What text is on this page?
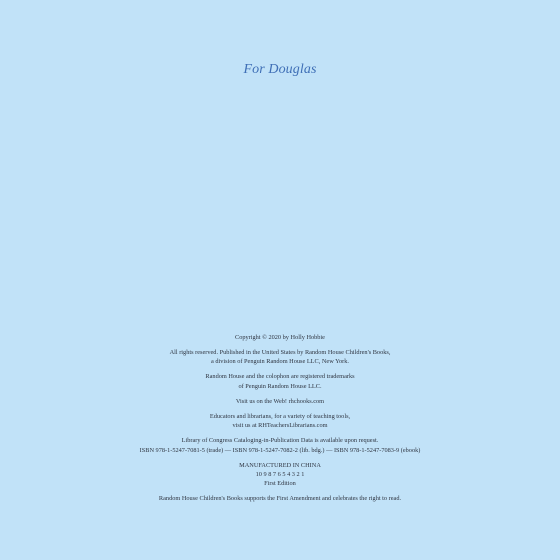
For Douglas

Copyright © 2020 by Holly Hobbie

All rights reserved. Published in the United States by Random House Children's Books,
a division of Penguin Random House LLC, New York.

Random House and the colophon are registered trademarks
of Penguin Random House LLC.

Visit us on the Web! rhchooks.com

Educators and librarians, for a variety of teaching tools,
visit us at RHTeachersLibrarians.com

Library of Congress Cataloging-in-Publication Data is available upon request.
ISBN 978-1-5247-7081-5 (trade) — ISBN 978-1-5247-7082-2 (lib. bdg.) — ISBN 978-1-5247-7083-9 (ebook)

MANUFACTURED IN CHINA
10 9 8 7 6 5 4 3 2 1
First Edition

Random House Children's Books supports the First Amendment and celebrates the right to read.
